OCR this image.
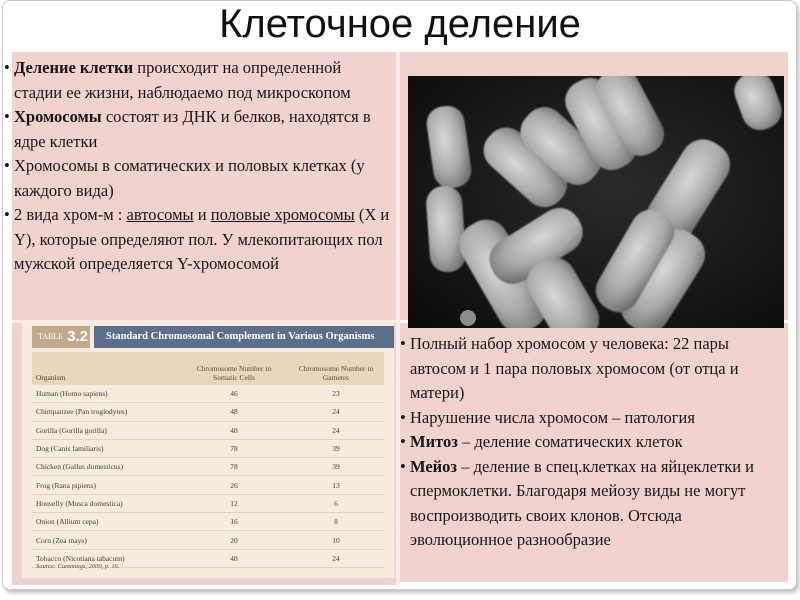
Клеточное деление
• Деление клетки происходит на определенной стадии ее жизни, наблюдаемо под микроскопом
• Хромосомы состоят из ДНК и белков, находятся в ядре клетки
• Хромосомы в соматических и половых клетках (у каждого вида)
• 2 вида хром-м : автосомы и половые хромосомы (X и Y), которые определяют пол. У млекопитающих пол мужской определяется Y-хромосомой
TABLE 3.2	Standard Chromosomal Complement in Various Organisms
Organism	Chromosome Number in Somatic Cells	Chromosome Number in Gametes
Human (Homo sapiens)	46	23
Chimpanzee (Pan troglodytes)	48	24
Gorilla (Gorilla gorilla)	48	24
Dog (Canis familiaris)	78	39
Chicken (Gallus domesticus)	78	39
Frog (Rana pipiens)	26	13
Housefly (Musca domestica)	12	6
Onion (Allium cepa)	16	8
Corn (Zea mays)	20	10
Tobacco (Nicotiana tabacum)	48	24
Source: Cummings, 2000, p. 16.
• Полный набор хромосом у человека: 22 пары автосом и 1 пара половых хромосом (от отца и матери)
• Нарушение числа хромосом – патология
• Митоз – деление соматических клеток
• Мейоз – деление в спец.клетках на яйцеклетки и спермоклетки. Благодаря мейозу виды не могут воспроизводить своих клонов. Отсюда эволюционное разнообразие
